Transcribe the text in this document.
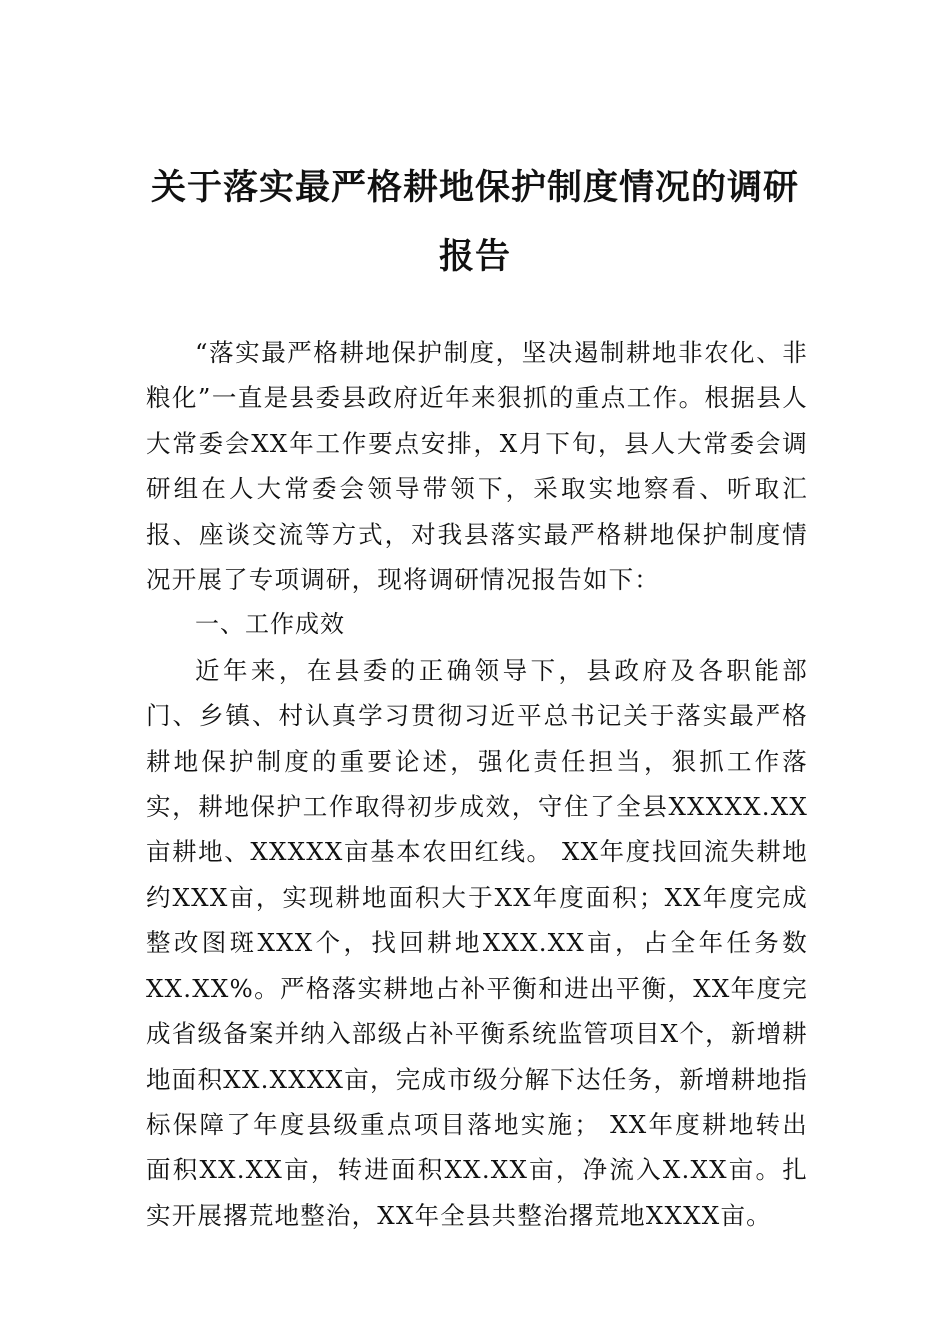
关于落实最严格耕地保护制度情况的调研
报告

“落实最严格耕地保护制度，坚决遏制耕地非农化、非粮化”一直是县委县政府近年来狠抓的重点工作。根据县人大常委会XX年工作要点安排，X月下旬，县人大常委会调研组在人大常委会领导带领下，采取实地察看、听取汇报、座谈交流等方式，对我县落实最严格耕地保护制度情况开展了专项调研，现将调研情况报告如下：

一、工作成效

近年来，在县委的正确领导下，县政府及各职能部门、乡镇、村认真学习贯彻习近平总书记关于落实最严格耕地保护制度的重要论述，强化责任担当，狠抓工作落实，耕地保护工作取得初步成效，守住了全县XXXXX.XX亩耕地、XXXXX亩基本农田红线。 XX年度找回流失耕地约XXX亩，实现耕地面积大于XX年度面积；XX年度完成整改图斑XXX个，找回耕地XXX.XX亩，占全年任务数XX.XX%。严格落实耕地占补平衡和进出平衡，XX年度完成省级备案并纳入部级占补平衡系统监管项目X个，新增耕地面积XX.XXXX亩，完成市级分解下达任务，新增耕地指标保障了年度县级重点项目落地实施； XX年度耕地转出面积XX.XX亩，转进面积XX.XX亩，净流入X.XX亩。扎实开展撂荒地整治，XX年全县共整治撂荒地XXXX亩。
